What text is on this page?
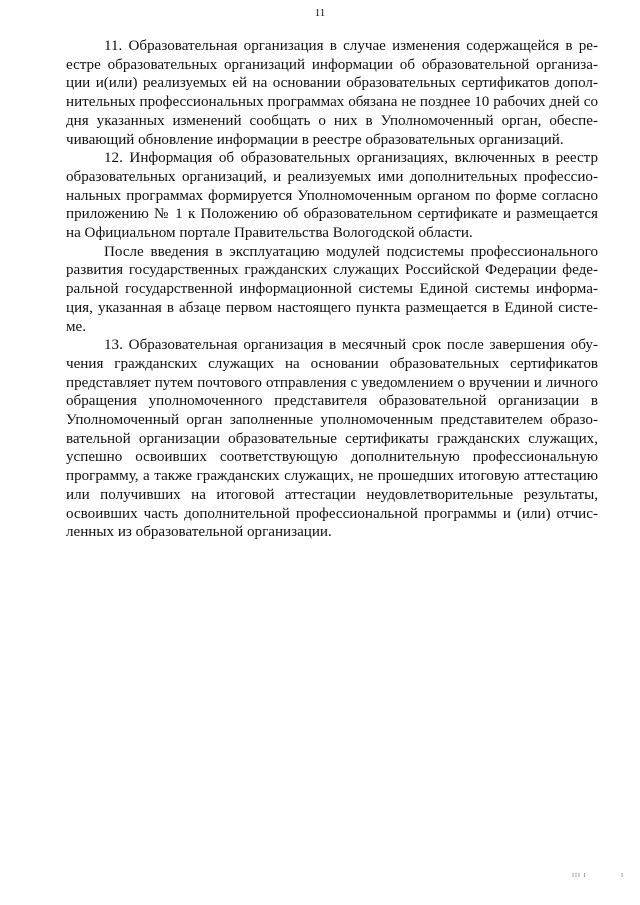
11

11. Образовательная организация в случае изменения содержащейся в реестре образовательных организаций информации об образовательной организации и(или) реализуемых ей на основании образовательных сертификатов дополнительных профессиональных программах обязана не позднее 10 рабочих дней со дня указанных изменений сообщать о них в Уполномоченный орган, обеспечивающий обновление информации в реестре образовательных организаций.

12. Информация об образовательных организациях, включенных в реестр образовательных организаций, и реализуемых ими дополнительных профессиональных программах формируется Уполномоченным органом по форме согласно приложению № 1 к Положению об образовательном сертификате и размещается на Официальном портале Правительства Вологодской области.

После введения в эксплуатацию модулей подсистемы профессионального развития государственных гражданских служащих Российской Федерации федеральной государственной информационной системы Единой системы информация, указанная в абзаце первом настоящего пункта размещается в Единой системе.

13. Образовательная организация в месячный срок после завершения обучения гражданских служащих на основании образовательных сертификатов представляет путем почтового отправления с уведомлением о вручении и личного обращения уполномоченного представителя образовательной организации в Уполномоченный орган заполненные уполномоченным представителем образовательной организации образовательные сертификаты гражданских служащих, успешно освоивших соответствующую дополнительную профессиональную программу, а также гражданских служащих, не прошедших итоговую аттестацию или получивших на итоговой аттестации неудовлетворительные результаты, освоивших часть дополнительной профессиональной программы и (или) отчисленных из образовательной организации.

III I	I
